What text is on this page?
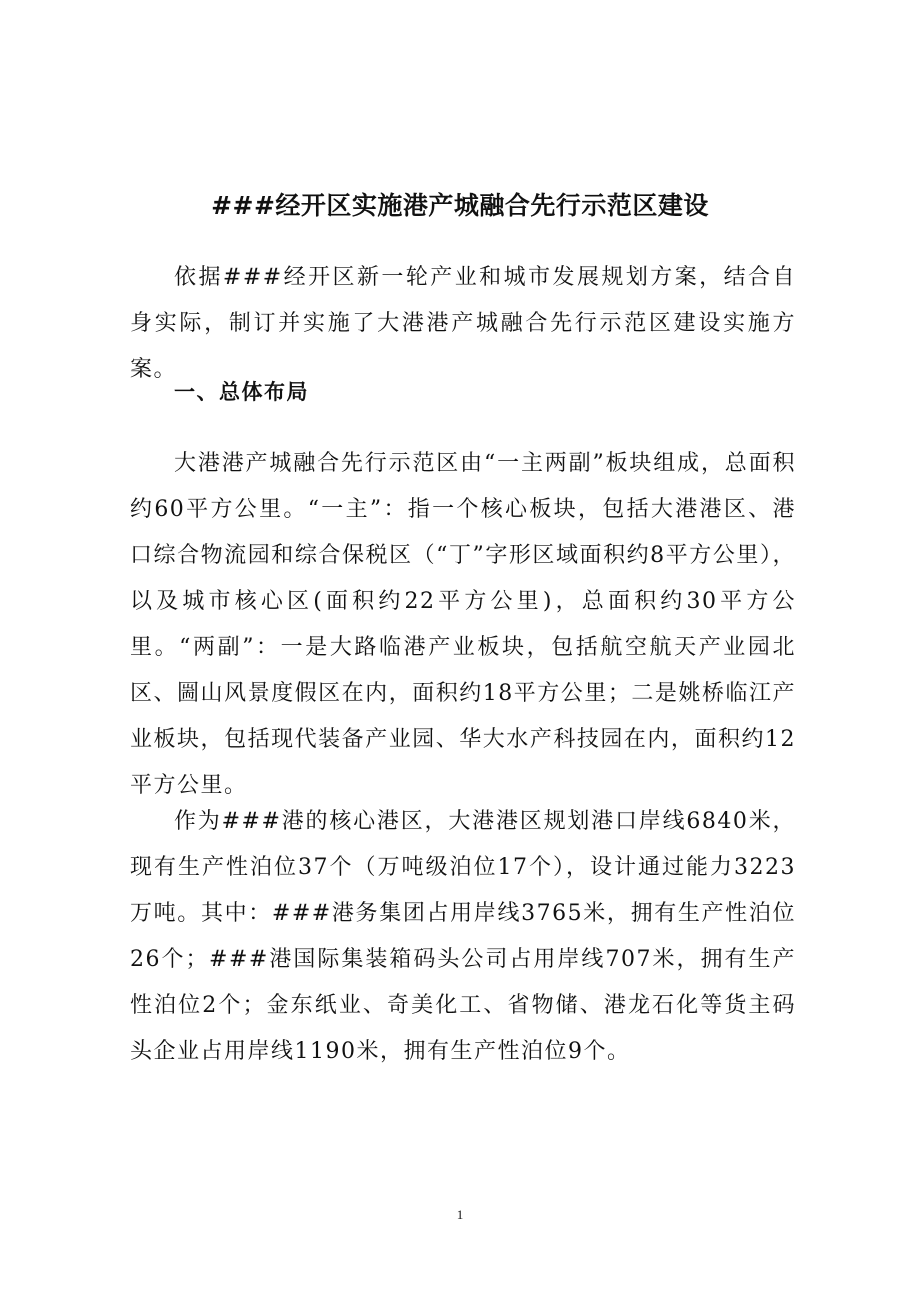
###经开区实施港产城融合先行示范区建设
依据###经开区新一轮产业和城市发展规划方案，结合自身实际，制订并实施了大港港产城融合先行示范区建设实施方案。
一、总体布局
大港港产城融合先行示范区由“一主两副”板块组成，总面积约60平方公里。“一主”：指一个核心板块，包括大港港区、港口综合物流园和综合保税区（“丁”字形区域面积约8平方公里），以及城市核心区(面积约22平方公里)，总面积约30平方公里。“两副”：一是大路临港产业板块，包括航空航天产业园北区、圌山风景度假区在内，面积约18平方公里；二是姚桥临江产业板块，包括现代装备产业园、华大水产科技园在内，面积约12平方公里。
作为###港的核心港区，大港港区规划港口岸线6840米，现有生产性泊位37个（万吨级泊位17个），设计通过能力3223万吨。其中：###港务集团占用岸线3765米，拥有生产性泊位26个；###港国际集装箱码头公司占用岸线707米，拥有生产性泊位2个；金东纸业、奇美化工、省物储、港龙石化等货主码头企业占用岸线1190米，拥有生产性泊位9个。
1
